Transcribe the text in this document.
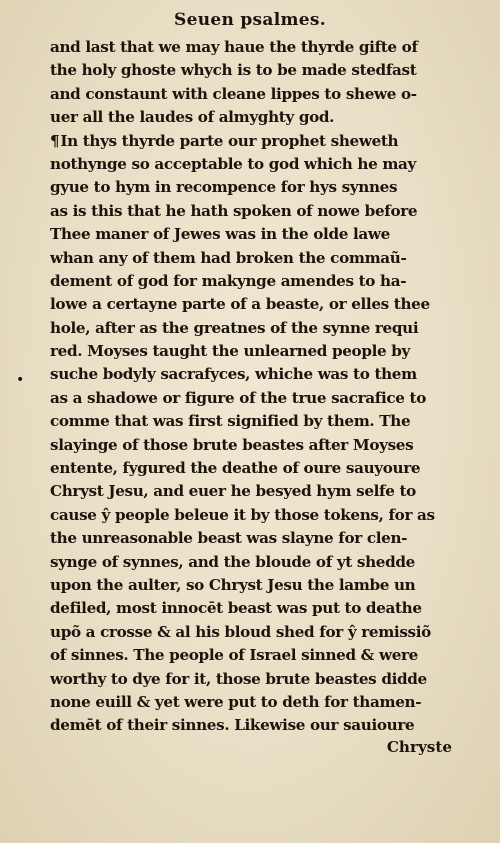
Seuen psalmes.
•
and last that we may haue the thyrde gifte of
the holy ghoste whych is to be made stedfast
and constaunt with cleane lippes to shewe o-
uer all the laudes of almyghty god.
¶In thys thyrde parte our prophet sheweth
nothynge so acceptable to god which he may
gyue to hym in recompence for hys synnes
as is this that he hath spoken of nowe before
Thee maner of Jewes was in the olde lawe
whan any of them had broken the commaũ-
dement of god for makynge amendes to ha-
lowe a certayne parte of a beaste, or elles thee
hole, after as the greatnes of the synne requi
red. Moyses taught the unlearned people by
suche bodyly sacrafyces, whiche was to them
as a shadowe or figure of the true sacrafice to
comme that was first signified by them. The
slayinge of those brute beastes after Moyses
entente, fygured the deathe of oure sauyoure
Chryst Jesu, and euer he besyed hym selfe to
cause ŷ people beleue it by those tokens, for as
the unreasonable beast was slayne for clen-
synge of synnes, and the bloude of yt shedde
upon the aulter, so Chryst Jesu the lambe un
defiled, most innocēt beast was put to deathe
upõ a crosse & al his bloud shed for ŷ remissiõ
of sinnes. The people of Israel sinned & were
worthy to dye for it, those brute beastes didde
none euill & yet were put to deth for thamen-
demēt of their sinnes. Likewise our sauioure
Chryste
